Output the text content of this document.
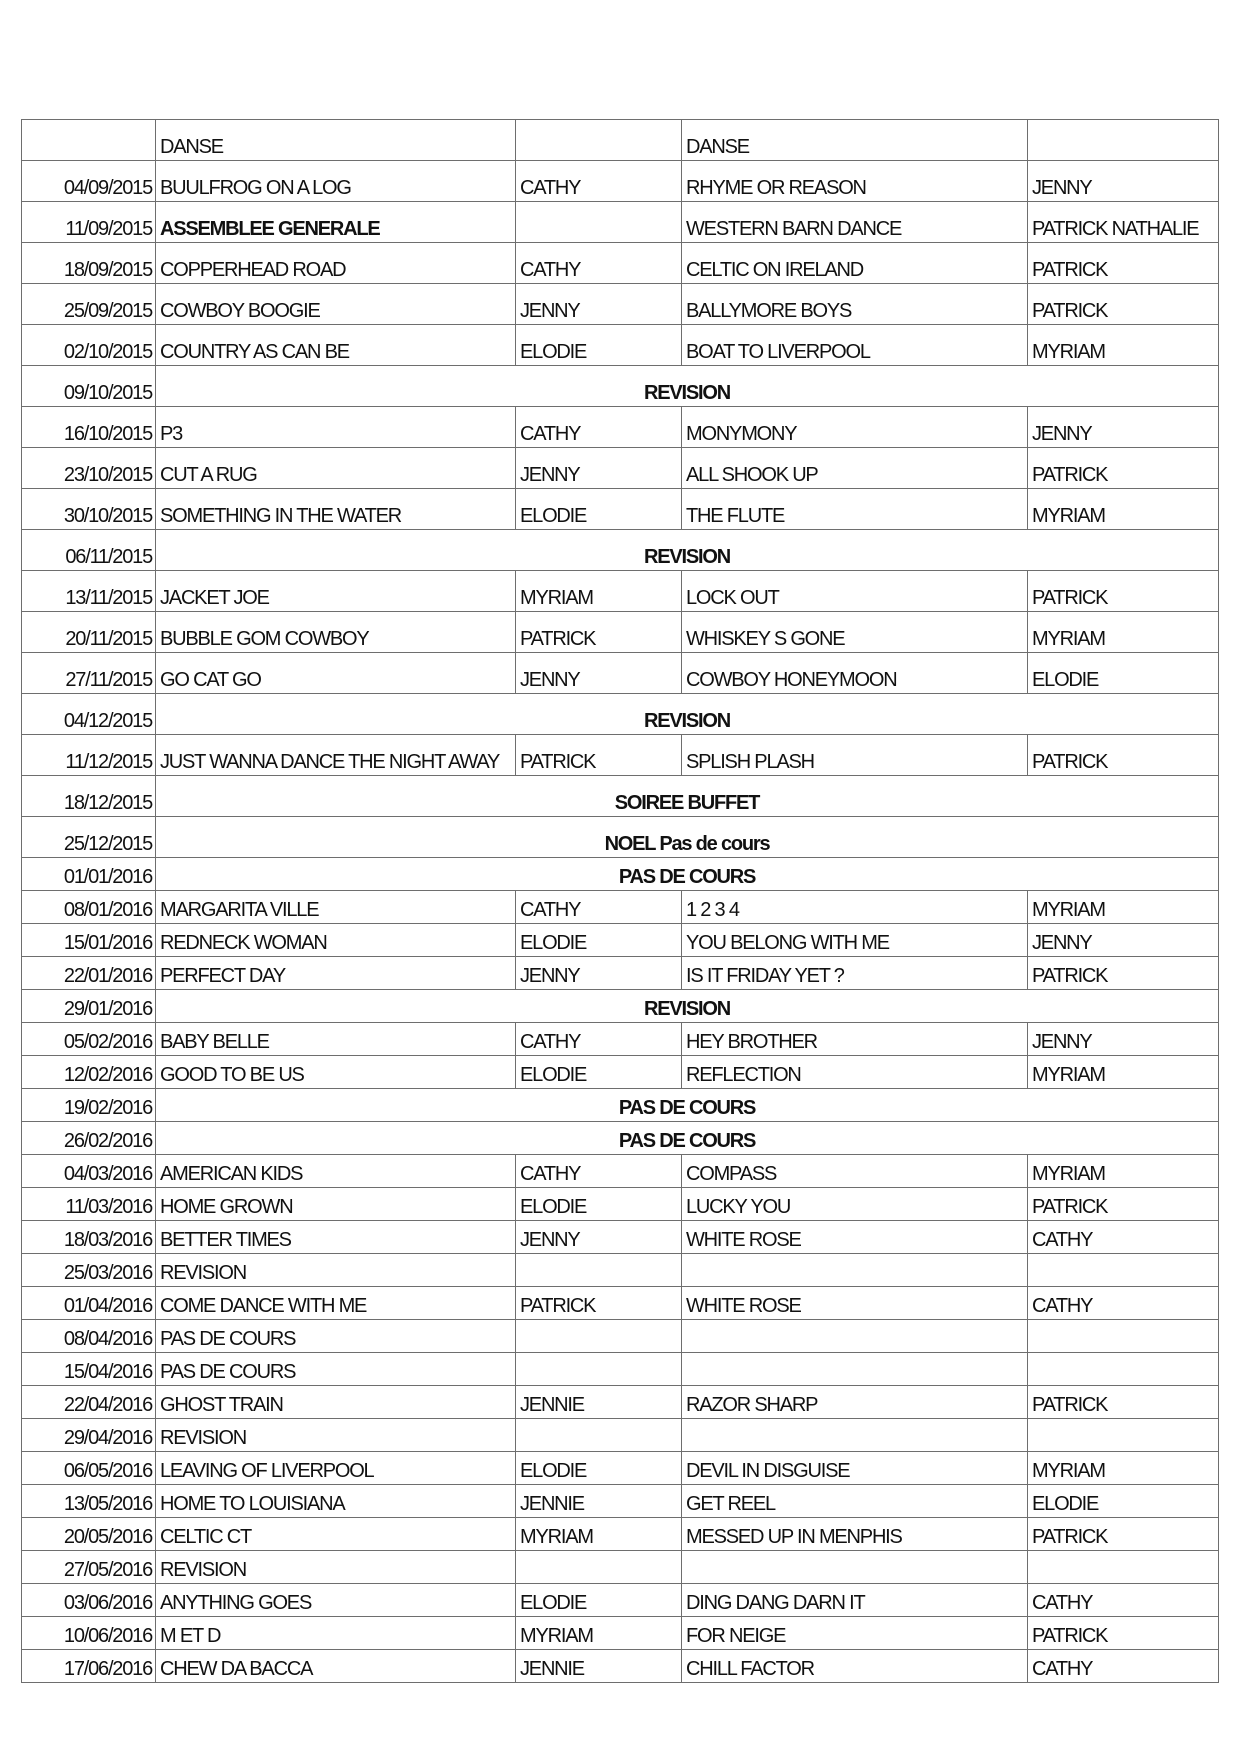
	DANSE		DANSE	
04/09/2015	BUULFROG ON A LOG	CATHY	RHYME OR REASON	JENNY
11/09/2015	ASSEMBLEE GENERALE		WESTERN BARN DANCE	PATRICK NATHALIE
18/09/2015	COPPERHEAD ROAD	CATHY	CELTIC ON IRELAND	PATRICK
25/09/2015	COWBOY BOOGIE	JENNY	BALLYMORE BOYS	PATRICK
02/10/2015	COUNTRY AS CAN BE	ELODIE	BOAT TO LIVERPOOL	MYRIAM
09/10/2015	REVISION			
16/10/2015	P3	CATHY	MONYMONY	JENNY
23/10/2015	CUT A RUG	JENNY	ALL SHOOK UP	PATRICK
30/10/2015	SOMETHING IN THE WATER	ELODIE	THE FLUTE	MYRIAM
06/11/2015	REVISION			
13/11/2015	JACKET JOE	MYRIAM	LOCK OUT	PATRICK
20/11/2015	BUBBLE GOM COWBOY	PATRICK	WHISKEY S GONE	MYRIAM
27/11/2015	GO CAT GO	JENNY	COWBOY HONEYMOON	ELODIE
04/12/2015	REVISION			
11/12/2015	JUST WANNA DANCE THE NIGHT AWAY	PATRICK	SPLISH PLASH	PATRICK
18/12/2015	SOIREE BUFFET			
25/12/2015	NOEL Pas de cours			
01/01/2016	PAS DE COURS			
08/01/2016	MARGARITA VILLE	CATHY	1 2 3 4	MYRIAM
15/01/2016	REDNECK WOMAN	ELODIE	YOU BELONG WITH ME	JENNY
22/01/2016	PERFECT DAY	JENNY	IS IT FRIDAY YET ?	PATRICK
29/01/2016	REVISION			
05/02/2016	BABY BELLE	CATHY	HEY BROTHER	JENNY
12/02/2016	GOOD TO BE US	ELODIE	REFLECTION	MYRIAM
19/02/2016	PAS DE COURS			
26/02/2016	PAS DE COURS			
04/03/2016	AMERICAN KIDS	CATHY	COMPASS	MYRIAM
11/03/2016	HOME GROWN	ELODIE	LUCKY YOU	PATRICK
18/03/2016	BETTER TIMES	JENNY	WHITE ROSE	CATHY
25/03/2016	REVISION			
01/04/2016	COME DANCE WITH ME	PATRICK	WHITE ROSE	CATHY
08/04/2016	PAS DE COURS			
15/04/2016	PAS DE COURS			
22/04/2016	GHOST TRAIN	JENNIE	RAZOR SHARP	PATRICK
29/04/2016	REVISION			
06/05/2016	LEAVING OF LIVERPOOL	ELODIE	DEVIL IN DISGUISE	MYRIAM
13/05/2016	HOME TO LOUISIANA	JENNIE	GET REEL	ELODIE
20/05/2016	CELTIC CT	MYRIAM	MESSED UP IN MENPHIS	PATRICK
27/05/2016	REVISION			
03/06/2016	ANYTHING GOES	ELODIE	DING DANG DARN IT	CATHY
10/06/2016	M ET D	MYRIAM	FOR NEIGE	PATRICK
17/06/2016	CHEW DA BACCA	JENNIE	CHILL FACTOR	CATHY
